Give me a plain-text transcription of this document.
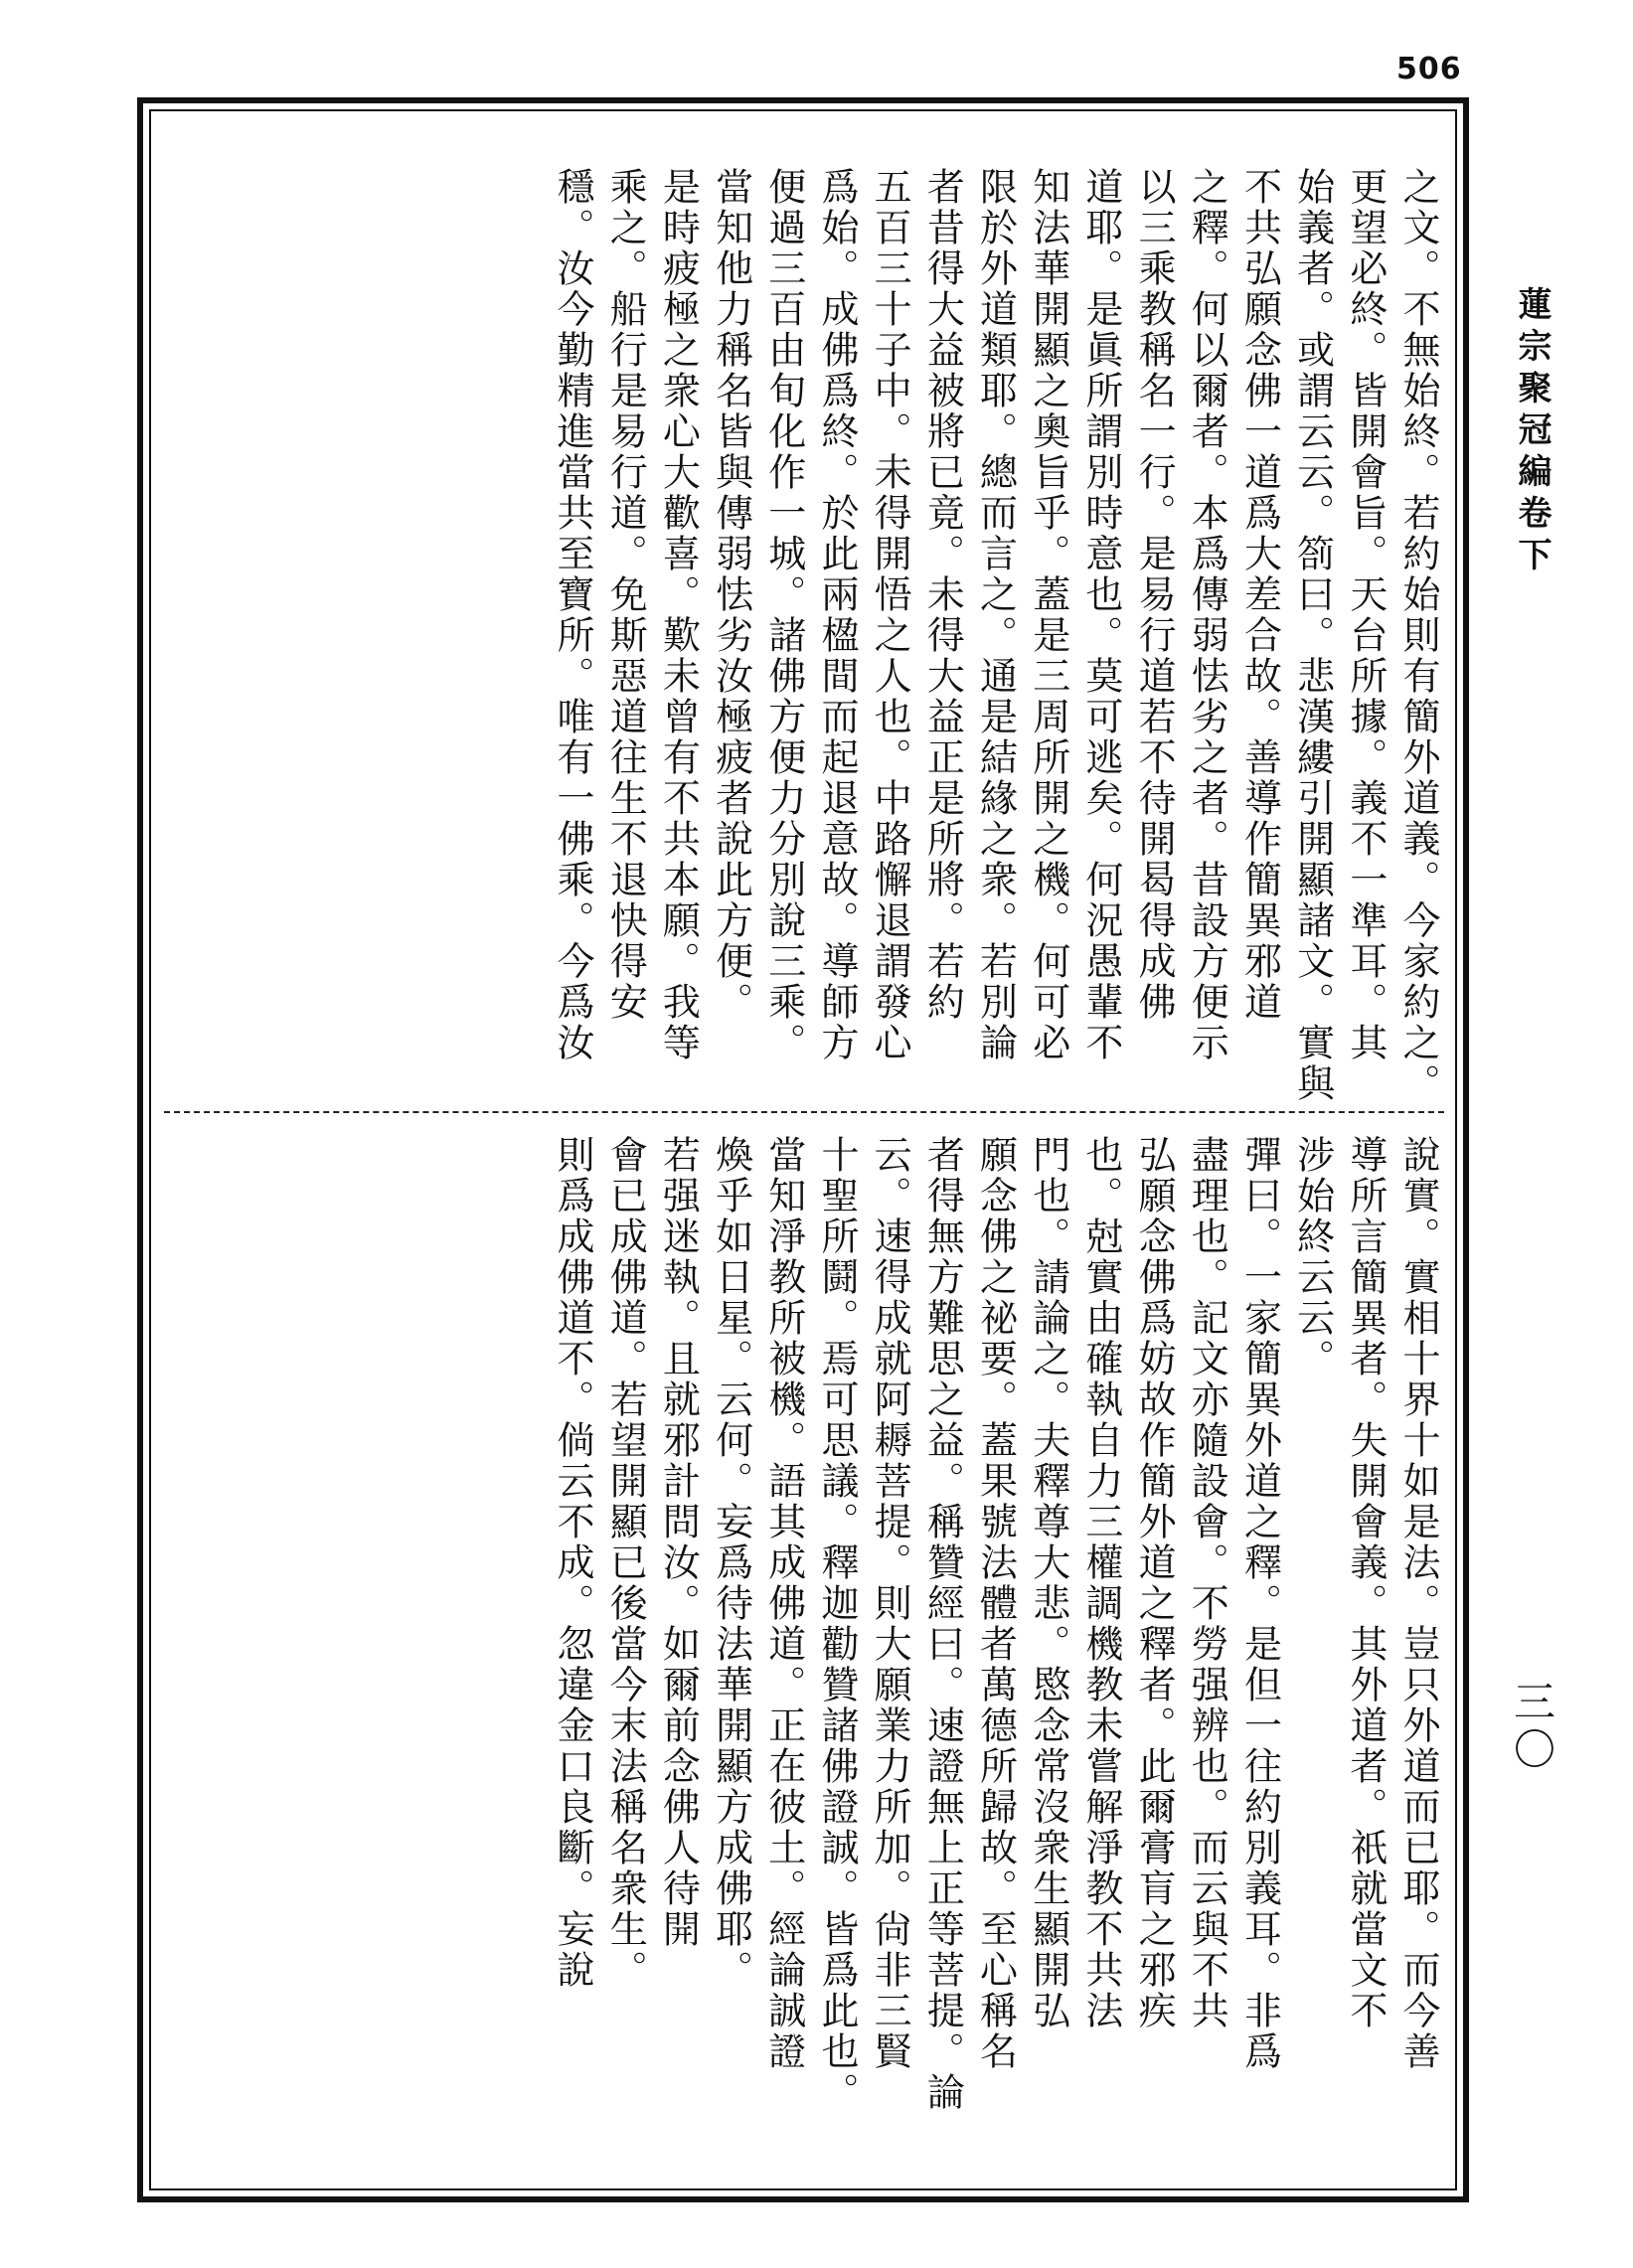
506
蓮宗聚冠編卷下
三〇
之文。不無始終。若約始則有簡外道義。今家約之。
更望必終。皆開會旨。天台所據。義不一準耳。其
始義者。或謂云云。箚曰。悲漢縷引開顯諸文。實與
不共弘願念佛一道爲大差合故。善導作簡異邪道
之釋。何以爾者。本爲傳弱怯劣之者。昔設方便示
以三乘教稱名一行。是易行道若不待開曷得成佛
道耶。是眞所謂別時意也。莫可逃矣。何況愚輩不
知法華開顯之奧旨乎。蓋是三周所開之機。何可必
限於外道類耶。總而言之。通是結緣之衆。若別論
者昔得大益被將已竟。未得大益正是所將。若約
五百三十子中。未得開悟之人也。中路懈退謂發心
爲始。成佛爲終。於此兩楹間而起退意故。導師方
便過三百由旬化作一城。諸佛方便力分別說三乘。
當知他力稱名皆與傳弱怯劣汝極疲者說此方便。
是時疲極之衆心大歡喜。歎未曾有不共本願。我等
乘之。船行是易行道。免斯惡道往生不退快得安
穩。汝今勤精進當共至寶所。唯有一佛乘。今爲汝
說實。實相十界十如是法。豈只外道而已耶。而今善
導所言簡異者。失開會義。其外道者。祇就當文不
涉始終云云。
彈曰。一家簡異外道之釋。是但一往約別義耳。非爲
盡理也。記文亦隨設會。不勞强辨也。而云與不共
弘願念佛爲妨故作簡外道之釋者。此爾膏肓之邪疾
也。尅實由確執自力三權調機教未嘗解淨教不共法
門也。請論之。夫釋尊大悲。愍念常沒衆生顯開弘
願念佛之祕要。蓋果號法體者萬德所歸故。至心稱名
者得無方難思之益。稱贊經曰。速證無上正等菩提。論
云。速得成就阿耨菩提。則大願業力所加。尙非三賢
十聖所鬪。焉可思議。釋迦勸贊諸佛證誠。皆爲此也。
當知淨教所被機。語其成佛道。正在彼土。經論誠證
煥乎如日星。云何。妄爲待法華開顯方成佛耶。
若强迷執。且就邪計問汝。如爾前念佛人待開
會已成佛道。若望開顯已後當今末法稱名衆生。
則爲成佛道不。倘云不成。忽違金口良斷。妄說
